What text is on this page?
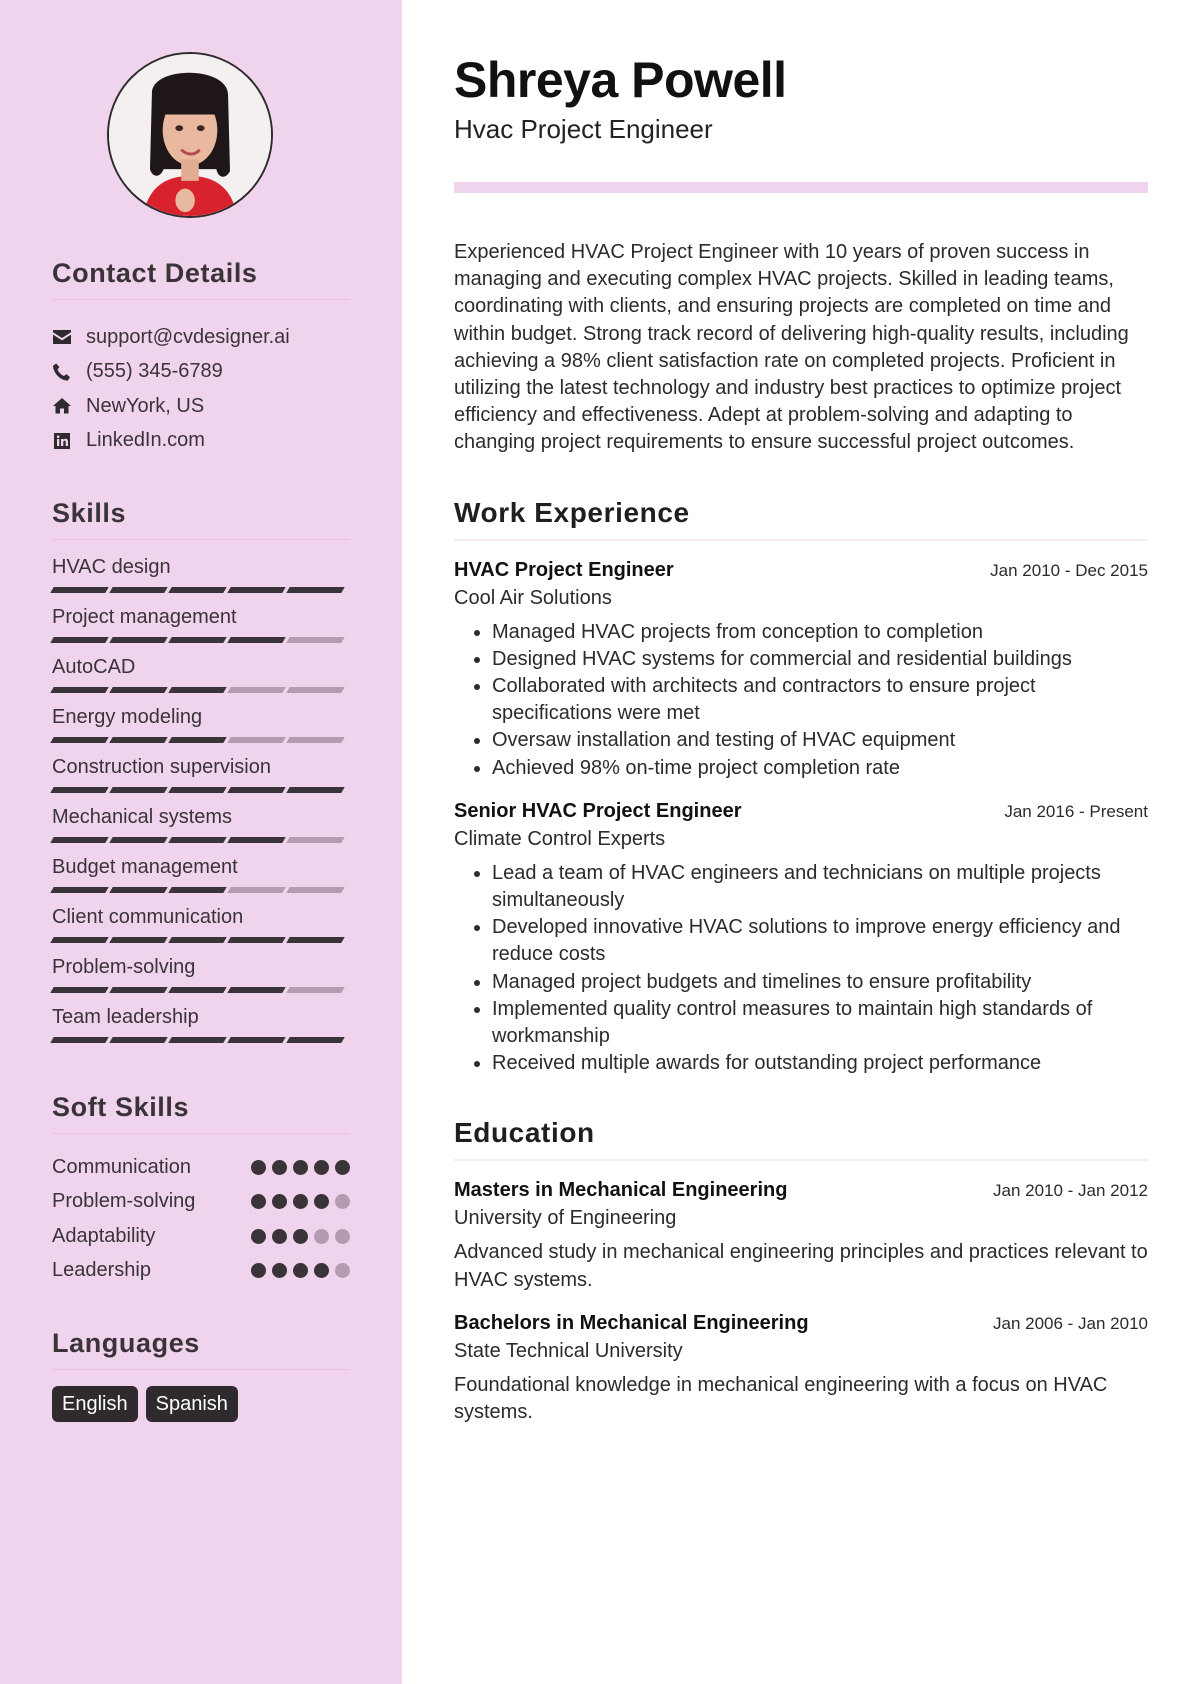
Contact Details
support@cvdesigner.ai
(555) 345-6789
NewYork, US
LinkedIn.com
Skills
HVAC design
Project management
AutoCAD
Energy modeling
Construction supervision
Mechanical systems
Budget management
Client communication
Problem-solving
Team leadership
Soft Skills
Communication
Problem-solving
Adaptability
Leadership
Languages
English	Spanish
Shreya Powell
Hvac Project Engineer

Experienced HVAC Project Engineer with 10 years of proven success in managing and executing complex HVAC projects. Skilled in leading teams, coordinating with clients, and ensuring projects are completed on time and within budget. Strong track record of delivering high-quality results, including achieving a 98% client satisfaction rate on completed projects. Proficient in utilizing the latest technology and industry best practices to optimize project efficiency and effectiveness. Adept at problem-solving and adapting to changing project requirements to ensure successful project outcomes.

Work Experience
HVAC Project Engineer	Jan 2010 - Dec 2015
Cool Air Solutions
• Managed HVAC projects from conception to completion
• Designed HVAC systems for commercial and residential buildings
• Collaborated with architects and contractors to ensure project specifications were met
• Oversaw installation and testing of HVAC equipment
• Achieved 98% on-time project completion rate
Senior HVAC Project Engineer	Jan 2016 - Present
Climate Control Experts
• Lead a team of HVAC engineers and technicians on multiple projects simultaneously
• Developed innovative HVAC solutions to improve energy efficiency and reduce costs
• Managed project budgets and timelines to ensure profitability
• Implemented quality control measures to maintain high standards of workmanship
• Received multiple awards for outstanding project performance
Education
Masters in Mechanical Engineering	Jan 2010 - Jan 2012
University of Engineering

Advanced study in mechanical engineering principles and practices relevant to HVAC systems.

Bachelors in Mechanical Engineering	Jan 2006 - Jan 2010
State Technical University

Foundational knowledge in mechanical engineering with a focus on HVAC systems.
